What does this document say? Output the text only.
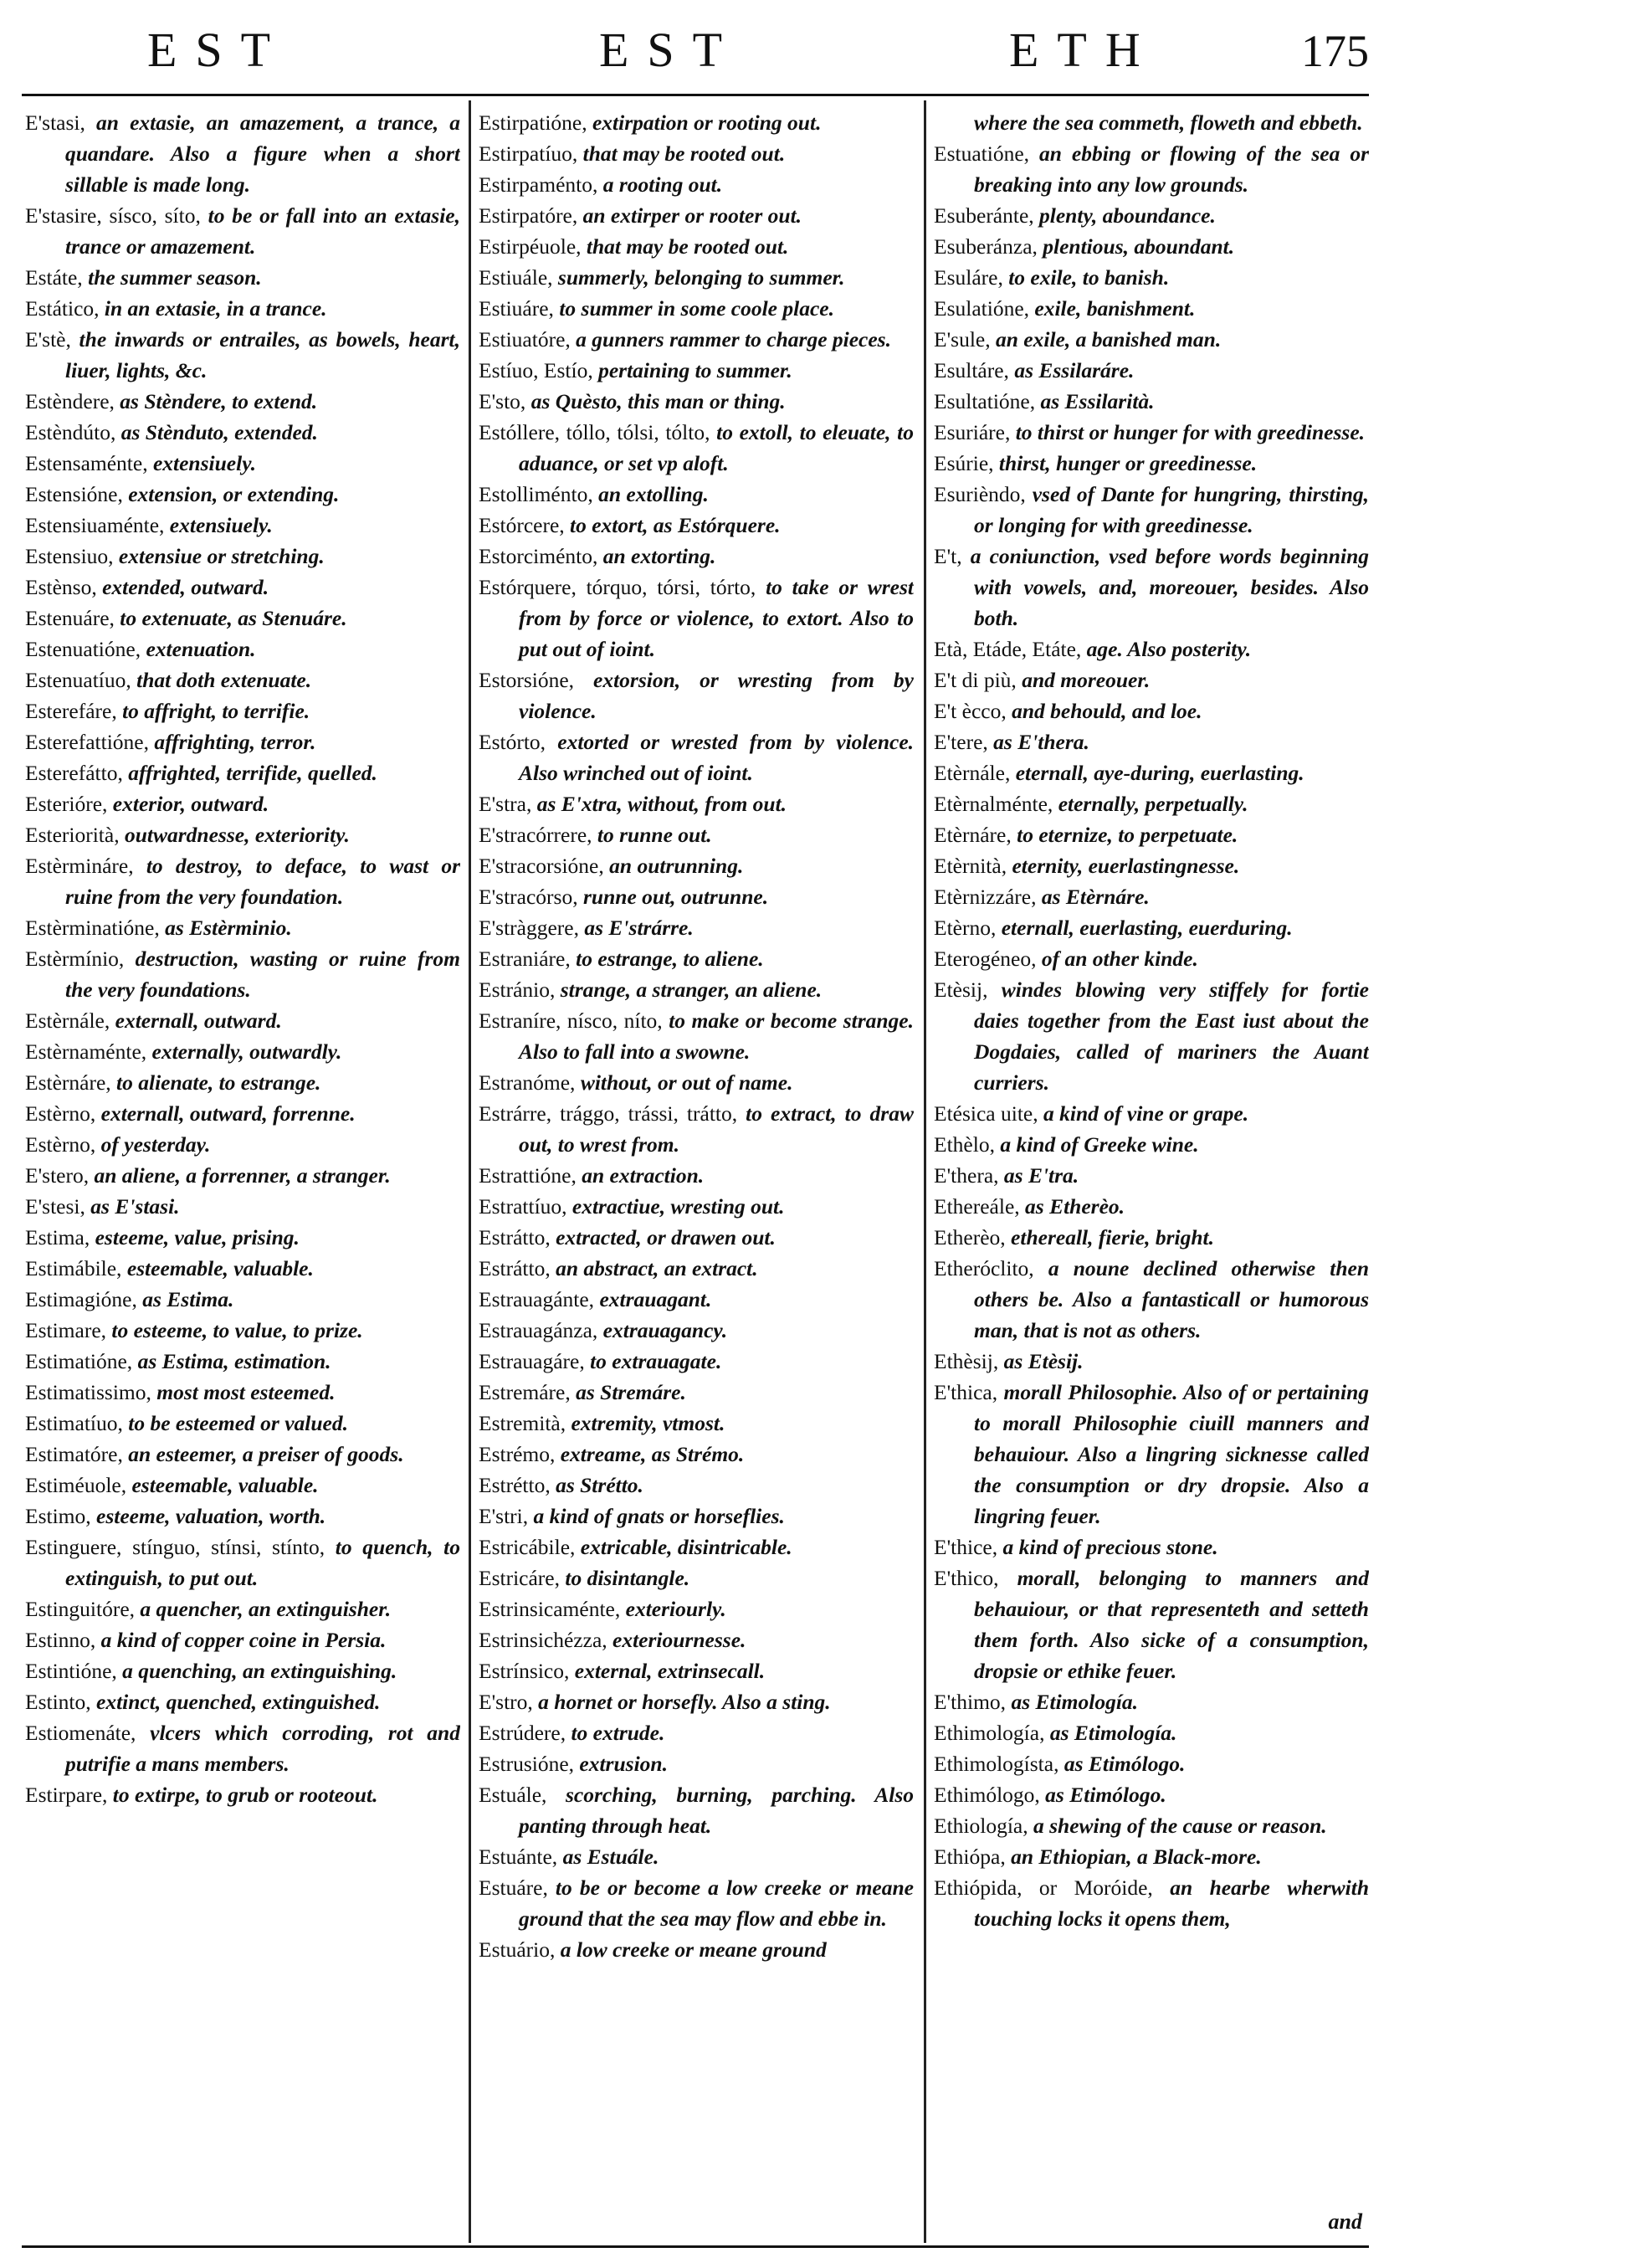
EST	EST	ETH	175

E'stasi, an extasie, an amazement, a trance, a quandare. Also a figure when a short sillable is made long.

E'stasire, sísco, síto, to be or fall into an extasie, trance or amazement.

Estáte, the summer season.

Estático, in an extasie, in a trance.

E'stè, the inwards or entrailes, as bowels, heart, liuer, lights, &c.

Estèndere, as Stèndere, to extend.

Estèndúto, as Stènduto, extended.

Estensaménte, extensiuely.

Estensióne, extension, or extending.

Estensiuaménte, extensiuely.

Estensiuo, extensiue or stretching.

Estènso, extended, outward.

Estenuáre, to extenuate, as Stenuáre.

Estenuatióne, extenuation.

Estenuatíuo, that doth extenuate.

Esterefáre, to affright, to terrifie.

Esterefattióne, affrighting, terror.

Esterefátto, affrighted, terrifide, quelled.

Esterióre, exterior, outward.

Esteriorità, outwardnesse, exteriority.

Estèrmináre, to destroy, to deface, to wast or ruine from the very foundation.

Estèrminatióne, as Estèrminio.

Estèrmínio, destruction, wasting or ruine from the very foundations.

Estèrnále, externall, outward.

Estèrnaménte, externally, outwardly.

Estèrnáre, to alienate, to estrange.

Estèrno, externall, outward, forrenne.

Estèrno, of yesterday.

E'stero, an aliene, a forrenner, a stranger.

E'stesi, as E'stasi.

Estima, esteeme, value, prising.

Estimábile, esteemable, valuable.

Estimagióne, as Estima.

Estimare, to esteeme, to value, to prize.

Estimatióne, as Estima, estimation.

Estimatissimo, most most esteemed.

Estimatíuo, to be esteemed or valued.

Estimatóre, an esteemer, a preiser of goods.

Estiméuole, esteemable, valuable.

Estimo, esteeme, valuation, worth.

Estinguere, stínguo, stínsi, stínto, to quench, to extinguish, to put out.

Estinguitóre, a quencher, an extinguisher.

Estinno, a kind of copper coine in Persia.

Estintióne, a quenching, an extinguishing.

Estinto, extinct, quenched, extinguished.

Estiomenáte, vlcers which corroding, rot and putrifie a mans members.

Estirpare, to extirpe, to grub or rooteout.

Estirpatióne, extirpation or rooting out.

Estirpatíuo, that may be rooted out.

Estirpaménto, a rooting out.

Estirpatóre, an extirper or rooter out.

Estirpéuole, that may be rooted out.

Estiuále, summerly, belonging to summer.

Estiuáre, to summer in some coole place.

Estiuatóre, a gunners rammer to charge pieces.

Estíuo, Estío, pertaining to summer.

E'sto, as Quèsto, this man or thing.

Estóllere, tóllo, tólsi, tólto, to extoll, to eleuate, to aduance, or set vp aloft.

Estolliménto, an extolling.

Estórcere, to extort, as Estórquere.

Estorciménto, an extorting.

Estórquere, tórquo, tórsi, tórto, to take or wrest from by force or violence, to extort. Also to put out of ioint.

Estorsióne, extorsion, or wresting from by violence.

Estórto, extorted or wrested from by violence. Also wrinched out of ioint.

E'stra, as E'xtra, without, from out.

E'stracórrere, to runne out.

E'stracorsióne, an outrunning.

E'stracórso, runne out, outrunne.

E'stràggere, as E'strárre.

Estraniáre, to estrange, to aliene.

Estránio, strange, a stranger, an aliene.

Estraníre, nísco, níto, to make or become strange. Also to fall into a swowne.

Estranóme, without, or out of name.

Estrárre, trággo, trássi, trátto, to extract, to draw out, to wrest from.

Estrattióne, an extraction.

Estrattíuo, extractiue, wresting out.

Estrátto, extracted, or drawen out.

Estrátto, an abstract, an extract.

Estrauagánte, extrauagant.

Estrauagánza, extrauagancy.

Estrauagáre, to extrauagate.

Estremáre, as Stremáre.

Estremità, extremity, vtmost.

Estrémo, extreame, as Strémo.

Estrétto, as Strétto.

E'stri, a kind of gnats or horseflies.

Estricábile, extricable, disintricable.

Estricáre, to disintangle.

Estrinsicaménte, exteriourly.

Estrinsichézza, exteriournesse.

Estrínsico, external, extrinsecall.

E'stro, a hornet or horsefly. Also a sting.

Estrúdere, to extrude.

Estrusióne, extrusion.

Estuále, scorching, burning, parching. Also panting through heat.

Estuánte, as Estuále.

Estuáre, to be or become a low creeke or meane ground that the sea may flow and ebbe in.

Estuário, a low creeke or meane ground

where the sea commeth, floweth and ebbeth.

Estuatióne, an ebbing or flowing of the sea or breaking into any low grounds.

Esuberánte, plenty, aboundance.

Esuberánza, plentious, aboundant.

Esuláre, to exile, to banish.

Esulatióne, exile, banishment.

E'sule, an exile, a banished man.

Esultáre, as Essilaráre.

Esultatióne, as Essilarità.

Esuriáre, to thirst or hunger for with greedinesse.

Esúrie, thirst, hunger or greedinesse.

Esurièndo, vsed of Dante for hungring, thirsting, or longing for with greedinesse.

E't, a coniunction, vsed before words beginning with vowels, and, moreouer, besides. Also both.

Età, Etáde, Etáte, age. Also posterity.

E't di più, and moreouer.

E't ècco, and behould, and loe.

E'tere, as E'thera.

Etèrnále, eternall, aye-during, euerlasting.

Etèrnalménte, eternally, perpetually.

Etèrnáre, to eternize, to perpetuate.

Etèrnità, eternity, euerlastingnesse.

Etèrnizzáre, as Etèrnáre.

Etèrno, eternall, euerlasting, euerduring.

Eterogéneo, of an other kinde.

Etèsij, windes blowing very stiffely for fortie daies together from the East iust about the Dogdaies, called of mariners the Auant curriers.

Etésica uite, a kind of vine or grape.

Ethèlo, a kind of Greeke wine.

E'thera, as E'tra.

Ethereále, as Etherèo.

Etherèo, ethereall, fierie, bright.

Etheróclito, a noune declined otherwise then others be. Also a fantasticall or humorous man, that is not as others.

Ethèsij, as Etèsij.

E'thica, morall Philosophie. Also of or pertaining to morall Philosophie ciuill manners and behauiour. Also a lingring sicknesse called the consumption or dry dropsie. Also a lingring feuer.

E'thice, a kind of precious stone.

E'thico, morall, belonging to manners and behauiour, or that representeth and setteth them forth. Also sicke of a consumption, dropsie or ethike feuer.

E'thimo, as Etimología.

Ethimología, as Etimología.

Ethimologísta, as Etimólogo.

Ethimólogo, as Etimólogo.

Ethiología, a shewing of the cause or reason.

Ethiópa, an Ethiopian, a Black-more.

Ethiópida, or Moróide, an hearbe wherwith touching locks it opens them,

and
